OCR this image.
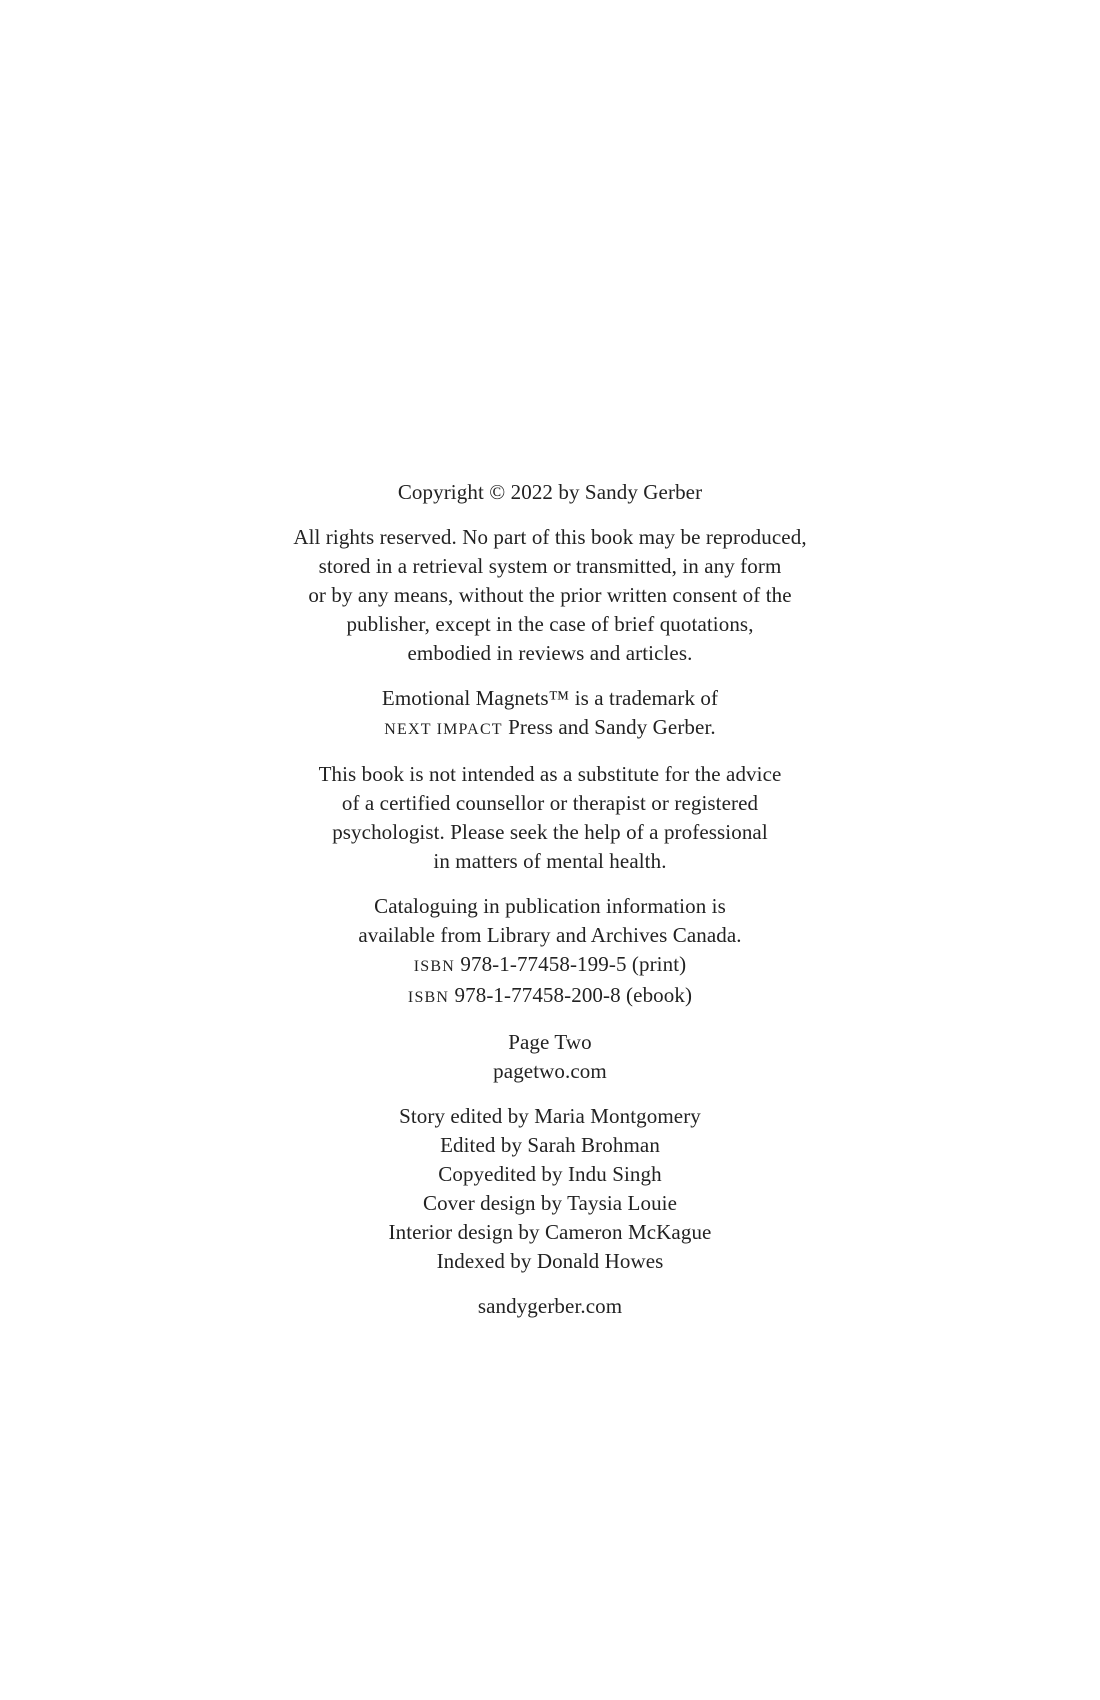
Copyright © 2022 by Sandy Gerber

All rights reserved. No part of this book may be reproduced,
stored in a retrieval system or transmitted, in any form
or by any means, without the prior written consent of the
publisher, except in the case of brief quotations,
embodied in reviews and articles.

Emotional Magnets™ is a trademark of
NEXT IMPACT Press and Sandy Gerber.

This book is not intended as a substitute for the advice
of a certified counsellor or therapist or registered
psychologist. Please seek the help of a professional
in matters of mental health.

Cataloguing in publication information is
available from Library and Archives Canada.
ISBN 978-1-77458-199-5 (print)
ISBN 978-1-77458-200-8 (ebook)

Page Two
pagetwo.com

Story edited by Maria Montgomery
Edited by Sarah Brohman
Copyedited by Indu Singh
Cover design by Taysia Louie
Interior design by Cameron McKague
Indexed by Donald Howes

sandygerber.com
